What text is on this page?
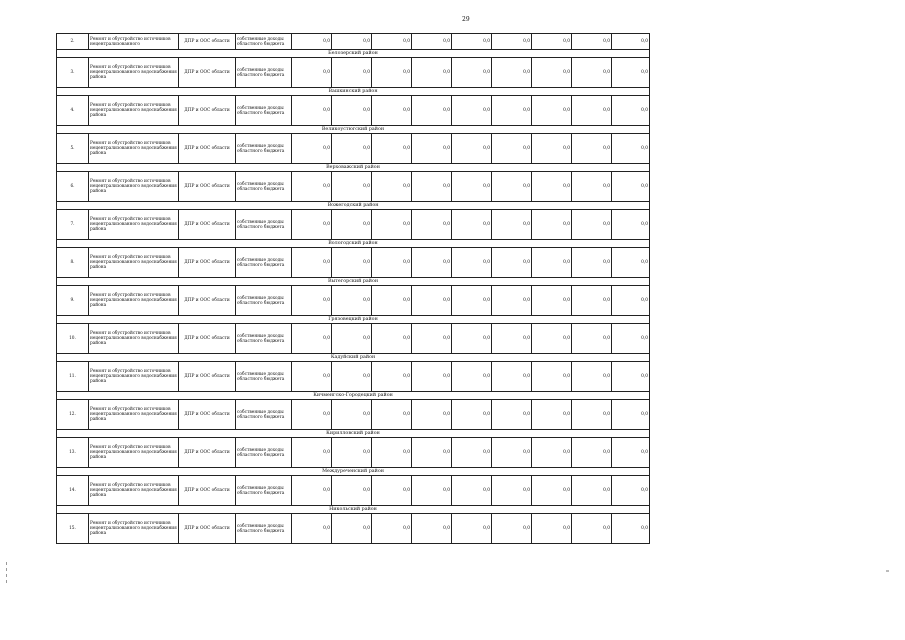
29
2.	Ремонт и обустройство источников нецентрализованного	ДПР и ООС области	собственные доходы областного бюджета	0,0	0,0	0,0	0,0	0,0	0,0	0,0	0,0	0,0
Белозерский район												
3.	Ремонт и обустройство источников нецентрализованного водоснабжения района	ДПР и ООС области	собственные доходы областного бюджета	0,0	0,0	0,0	0,0	0,0	0,0	0,0	0,0	0,0
Вашкинский район												
4.	Ремонт и обустройство источников нецентрализованного водоснабжения района	ДПР и ООС области	собственные доходы областного бюджета	0,0	0,0	0,0	0,0	0,0	0,0	0,0	0,0	0,0
Великоустюгский район												
5.	Ремонт и обустройство источников нецентрализованного водоснабжения района	ДПР и ООС области	собственные доходы областного бюджета	0,0	0,0	0,0	0,0	0,0	0,0	0,0	0,0	0,0
Верховажский район												
6.	Ремонт и обустройство источников нецентрализованного водоснабжения района	ДПР и ООС области	собственные доходы областного бюджета	0,0	0,0	0,0	0,0	0,0	0,0	0,0	0,0	0,0
Вожегодский район												
7.	Ремонт и обустройство источников нецентрализованного водоснабжения района	ДПР и ООС области	собственные доходы областного бюджета	0,0	0,0	0,0	0,0	0,0	0,0	0,0	0,0	0,0
Вологодский район												
8.	Ремонт и обустройство источников нецентрализованного водоснабжения района	ДПР и ООС области	собственные доходы областного бюджета	0,0	0,0	0,0	0,0	0,0	0,0	0,0	0,0	0,0
Вытегорский район												
9.	Ремонт и обустройство источников нецентрализованного водоснабжения района	ДПР и ООС области	собственные доходы областного бюджета	0,0	0,0	0,0	0,0	0,0	0,0	0,0	0,0	0,0
Грязовецкий район												
10.	Ремонт и обустройство источников нецентрализованного водоснабжения района	ДПР и ООС области	собственные доходы областного бюджета	0,0	0,0	0,0	0,0	0,0	0,0	0,0	0,0	0,0
Кадуйский район												
11.	Ремонт и обустройство источников нецентрализованного водоснабжения района	ДПР и ООС области	собственные доходы областного бюджета	0,0	0,0	0,0	0,0	0,0	0,0	0,0	0,0	0,0
Кичменгско-Городецкий район												
12.	Ремонт и обустройство источников нецентрализованного водоснабжения района	ДПР и ООС области	собственные доходы областного бюджета	0,0	0,0	0,0	0,0	0,0	0,0	0,0	0,0	0,0
Кирилловский район												
13.	Ремонт и обустройство источников нецентрализованного водоснабжения района	ДПР и ООС области	собственные доходы областного бюджета	0,0	0,0	0,0	0,0	0,0	0,0	0,0	0,0	0,0
Междуреченский район												
14.	Ремонт и обустройство источников нецентрализованного водоснабжения района	ДПР и ООС области	собственные доходы областного бюджета	0,0	0,0	0,0	0,0	0,0	0,0	0,0	0,0	0,0
Никольский район												
15.	Ремонт и обустройство источников нецентрализованного водоснабжения района	ДПР и ООС области	собственные доходы областного бюджета	0,0	0,0	0,0	0,0	0,0	0,0	0,0	0,0	0,0
